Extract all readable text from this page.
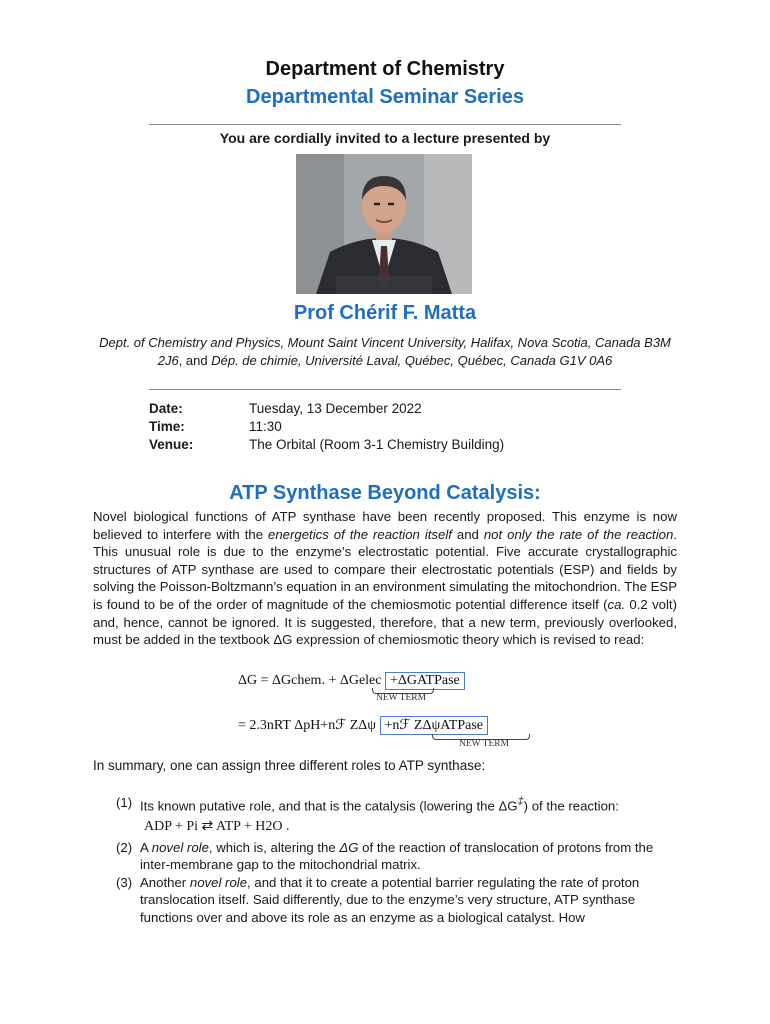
Department of Chemistry
Departmental Seminar Series
You are cordially invited to a lecture presented by
Prof Chérif F. Matta
Dept. of Chemistry and Physics, Mount Saint Vincent University, Halifax, Nova Scotia, Canada B3M 2J6, and Dép. de chimie, Université Laval, Québec, Québec, Canada G1V 0A6
Date:	Tuesday, 13 December 2022
Time:	11:30
Venue:	The Orbital (Room 3-1 Chemistry Building)
ATP Synthase Beyond Catalysis:
Novel biological functions of ATP synthase have been recently proposed. This enzyme is now believed to interfere with the energetics of the reaction itself and not only the rate of the reaction. This unusual role is due to the enzyme’s electrostatic potential. Five accurate crystallographic structures of ATP synthase are used to compare their electrostatic potentials (ESP) and fields by solving the Poisson-Boltzmann’s equation in an environment simulating the mitochondrion. The ESP is found to be of the order of magnitude of the chemiosmotic potential difference itself (ca. 0.2 volt) and, hence, cannot be ignored. It is suggested, therefore, that a new term, previously overlooked, must be added in the textbook ΔG expression of chemiosmotic theory which is revised to read:
ΔG = ΔGchem. + ΔGelec +ΔGATPase
NEW TERM
= 2.3nRT ΔpH+nℱ ZΔψ +nℱ ZΔψATPase
NEW TERM
In summary, one can assign three different roles to ATP synthase:
(1) Its known putative role, and that is the catalysis (lowering the ΔG‡) of the reaction:
ADP + Pi ⇄ ATP + H2O .
(2) A novel role, which is, altering the ΔG of the reaction of translocation of protons from the inter-membrane gap to the mitochondrial matrix.
(3) Another novel role, and that it to create a potential barrier regulating the rate of proton translocation itself. Said differently, due to the enzyme’s very structure, ATP synthase functions over and above its role as an enzyme as a biological catalyst. How
